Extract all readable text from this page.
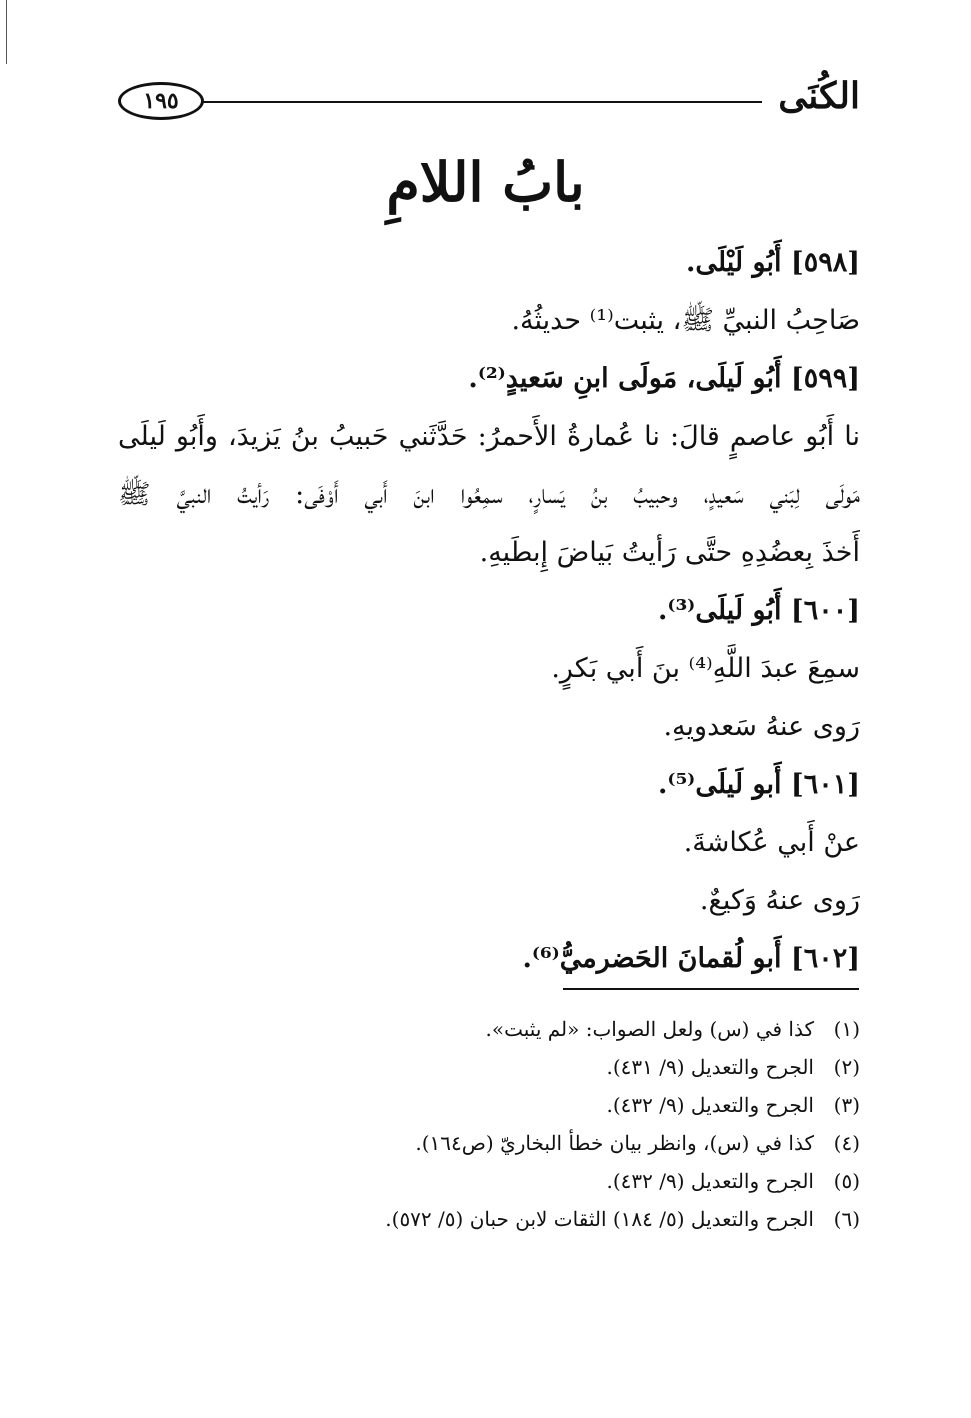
١٩٥	الكُنَى
بابُ اللامِ
[٥٩٨] أَبُو لَيْلَى.
صَاحِبُ النبيِّ ﷺ، يثبت⁽¹⁾ حديثُهُ.
[٥٩٩] أَبُو لَيلَى، مَولَى ابنِ سَعيدٍ⁽²⁾.
نا أَبُو عاصمٍ قالَ: نا عُمارةُ الأَحمرُ: حَدَّثَني حَبيبُ بنُ يَزيدَ، وأَبُو لَيلَى
مَولَى لِبَني سَعيدٍ، وحبيبُ بنُ يَسارٍ، سمِعُوا ابنَ أَبي أَوْفَى: رَأيتُ النبيَّ ﷺ
أَخذَ بِعضُدِهِ حتَّى رَأيتُ بَياضَ إِبطَيهِ.
[٦٠٠] أَبُو لَيلَى⁽³⁾.
سمِعَ عبدَ اللَّهِ⁽⁴⁾ بنَ أَبي بَكرٍ.
رَوى عنهُ سَعدويهِ.
[٦٠١] أَبو لَيلَى⁽⁵⁾.
عنْ أَبي عُكاشةَ.
رَوى عنهُ وَكيعٌ.
[٦٠٢] أَبو لُقمانَ الحَضرميُّ⁽⁶⁾.
(١)كذا في (س) ولعل الصواب: «لم يثبت».
(٢)الجرح والتعديل (٩/ ٤٣١).
(٣)الجرح والتعديل (٩/ ٤٣٢).
(٤)كذا في (س)، وانظر بيان خطأ البخاريّ (ص١٦٤).
(٥)الجرح والتعديل (٩/ ٤٣٢).
(٦)الجرح والتعديل (٥/ ١٨٤) الثقات لابن حبان (٥/ ٥٧٢).
